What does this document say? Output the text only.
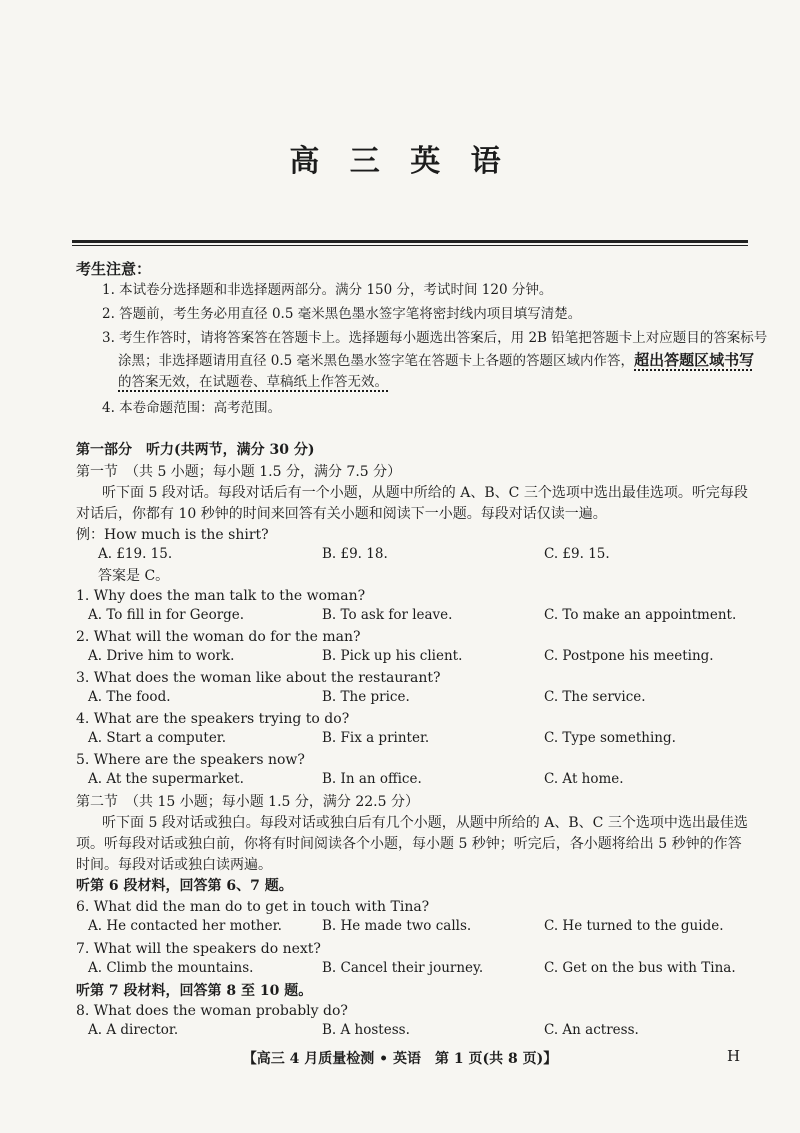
高 三 英 语
考生注意：
1. 本试卷分选择题和非选择题两部分。满分 150 分，考试时间 120 分钟。
2. 答题前，考生务必用直径 0.5 毫米黑色墨水签字笔将密封线内项目填写清楚。
3. 考生作答时，请将答案答在答题卡上。选择题每小题选出答案后，用 2B 铅笔把答题卡上对应题目的答案标号
涂黑；非选择题请用直径 0.5 毫米黑色墨水签字笔在答题卡上各题的答题区域内作答，超出答题区域书写
的答案无效，在试题卷、草稿纸上作答无效。
4. 本卷命题范围：高考范围。
第一部分　听力(共两节，满分 30 分)
第一节　（共 5 小题；每小题 1.5 分，满分 7.5 分）
听下面 5 段对话。每段对话后有一个小题，从题中所给的 A、B、C 三个选项中选出最佳选项。听完每段对话后，你都有 10 秒钟的时间来回答有关小题和阅读下一小题。每段对话仅读一遍。
例：How much is the shirt?
A. £19. 15.	B. £9. 18.	C. £9. 15.
答案是 C。
1. Why does the man talk to the woman?
A. To fill in for George.	B. To ask for leave.	C. To make an appointment.
2. What will the woman do for the man?
A. Drive him to work.	B. Pick up his client.	C. Postpone his meeting.
3. What does the woman like about the restaurant?
A. The food.	B. The price.	C. The service.
4. What are the speakers trying to do?
A. Start a computer.	B. Fix a printer.	C. Type something.
5. Where are the speakers now?
A. At the supermarket.	B. In an office.	C. At home.
第二节　（共 15 小题；每小题 1.5 分，满分 22.5 分）
听下面 5 段对话或独白。每段对话或独白后有几个小题，从题中所给的 A、B、C 三个选项中选出最佳选项。听每段对话或独白前，你将有时间阅读各个小题，每小题 5 秒钟；听完后，各小题将给出 5 秒钟的作答时间。每段对话或独白读两遍。
听第 6 段材料，回答第 6、7 题。
6. What did the man do to get in touch with Tina?
A. He contacted her mother.	B. He made two calls.	C. He turned to the guide.
7. What will the speakers do next?
A. Climb the mountains.	B. Cancel their journey.	C. Get on the bus with Tina.
听第 7 段材料，回答第 8 至 10 题。
8. What does the woman probably do?
A. A director.	B. A hostess.	C. An actress.
【高三 4 月质量检测 • 英语　第 1 页(共 8 页)】	H
